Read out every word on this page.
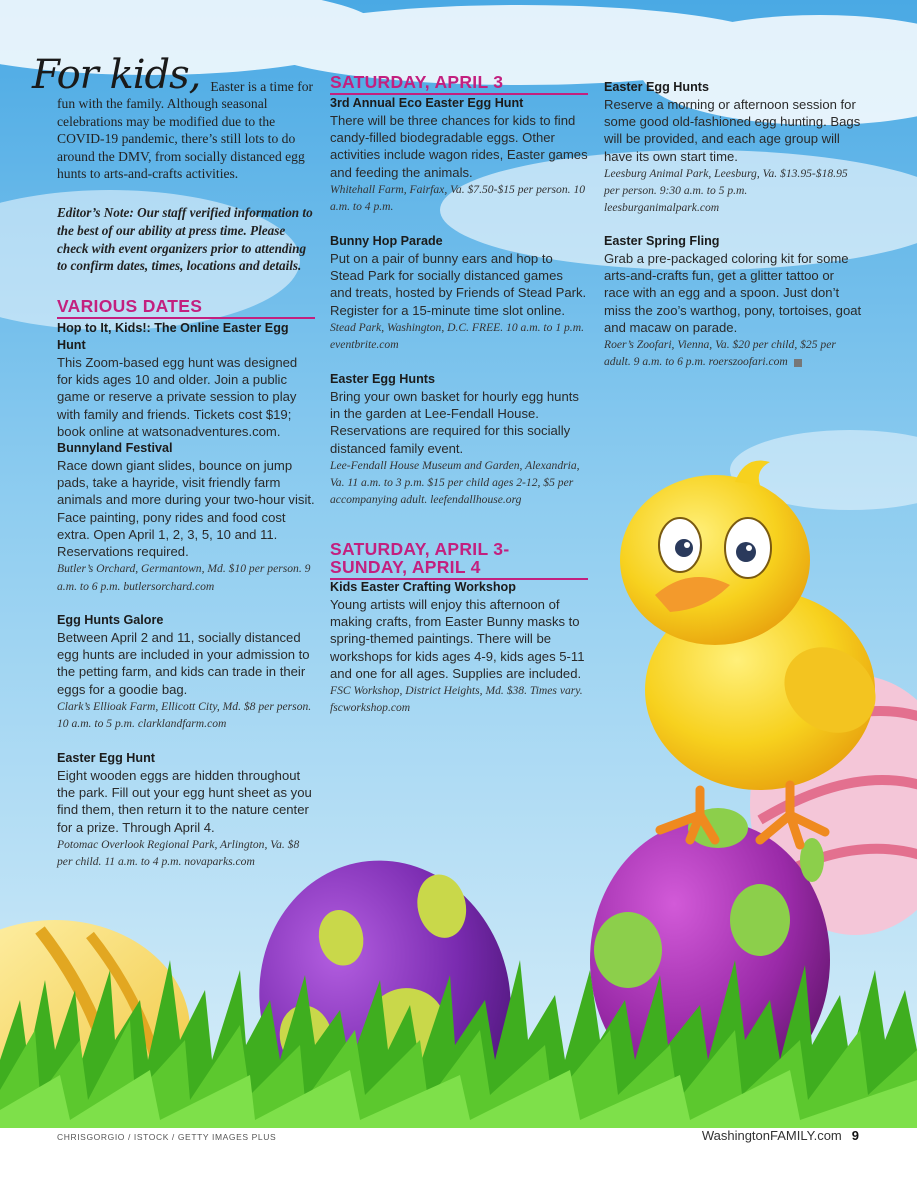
For kids, Easter is a time for fun with the family. Although seasonal celebrations may be modified due to the COVID-19 pandemic, there’s still lots to do around the DMV, from socially distanced egg hunts to arts-and-crafts activities.

Editor’s Note: Our staff verified information to the best of our ability at press time. Please check with event organizers prior to attending to confirm dates, times, locations and details.

VARIOUS DATES

Hop to It, Kids!: The Online Easter Egg Hunt

This Zoom-based egg hunt was designed for kids ages 10 and older. Join a public game or reserve a private session to play with family and friends. Tickets cost $19; book online at watsonadventures.com.

Bunnyland Festival

Race down giant slides, bounce on jump pads, take a hayride, visit friendly farm animals and more during your two-hour visit. Face painting, pony rides and food cost extra. Open April 1, 2, 3, 5, 10 and 11. Reservations required.

Butler’s Orchard, Germantown, Md. $10 per person. 9 a.m. to 6 p.m. butlersorchard.com

Egg Hunts Galore

Between April 2 and 11, socially distanced egg hunts are included in your admission to the petting farm, and kids can trade in their eggs for a goodie bag.

Clark’s Ellioak Farm, Ellicott City, Md. $8 per person. 10 a.m. to 5 p.m. clarklandfarm.com

Easter Egg Hunt

Eight wooden eggs are hidden throughout the park. Fill out your egg hunt sheet as you find them, then return it to the nature center for a prize. Through April 4.

Potomac Overlook Regional Park, Arlington, Va. $8 per child. 11 a.m. to 4 p.m. novaparks.com

SATURDAY, APRIL 3

3rd Annual Eco Easter Egg Hunt

There will be three chances for kids to find candy-filled biodegradable eggs. Other activities include wagon rides, Easter games and feeding the animals.

Whitehall Farm, Fairfax, Va. $7.50-$15 per person. 10 a.m. to 4 p.m.

Bunny Hop Parade

Put on a pair of bunny ears and hop to Stead Park for socially distanced games and treats, hosted by Friends of Stead Park. Register for a 15-minute time slot online.

Stead Park, Washington, D.C. FREE. 10 a.m. to 1 p.m. eventbrite.com

Easter Egg Hunts

Bring your own basket for hourly egg hunts in the garden at Lee-Fendall House. Reservations are required for this socially distanced family event.

Lee-Fendall House Museum and Garden, Alexandria, Va. 11 a.m. to 3 p.m. $15 per child ages 2-12, $5 per accompanying adult. leefendallhouse.org

SATURDAY, APRIL 3-
SUNDAY, APRIL 4

Kids Easter Crafting Workshop

Young artists will enjoy this afternoon of making crafts, from Easter Bunny masks to spring-themed paintings. There will be workshops for kids ages 4-9, kids ages 5-11 and one for all ages. Supplies are included.

FSC Workshop, District Heights, Md. $38. Times vary. fscworkshop.com

Easter Egg Hunts

Reserve a morning or afternoon session for some good old-fashioned egg hunting. Bags will be provided, and each age group will have its own start time.

Leesburg Animal Park, Leesburg, Va. $13.95-$18.95 per person. 9:30 a.m. to 5 p.m. leesburganimalpark.com

Easter Spring Fling

Grab a pre-packaged coloring kit for some arts-and-crafts fun, get a glitter tattoo or race with an egg and a spoon. Just don’t miss the zoo’s warthog, pony, tortoises, goat and macaw on parade.

Roer’s Zoofari, Vienna, Va. $20 per child, $25 per adult. 9 a.m. to 6 p.m. roerszoofari.com

CHRISGORGIO / ISTOCK / GETTY IMAGES PLUS	WashingtonFAMILY.com 9
